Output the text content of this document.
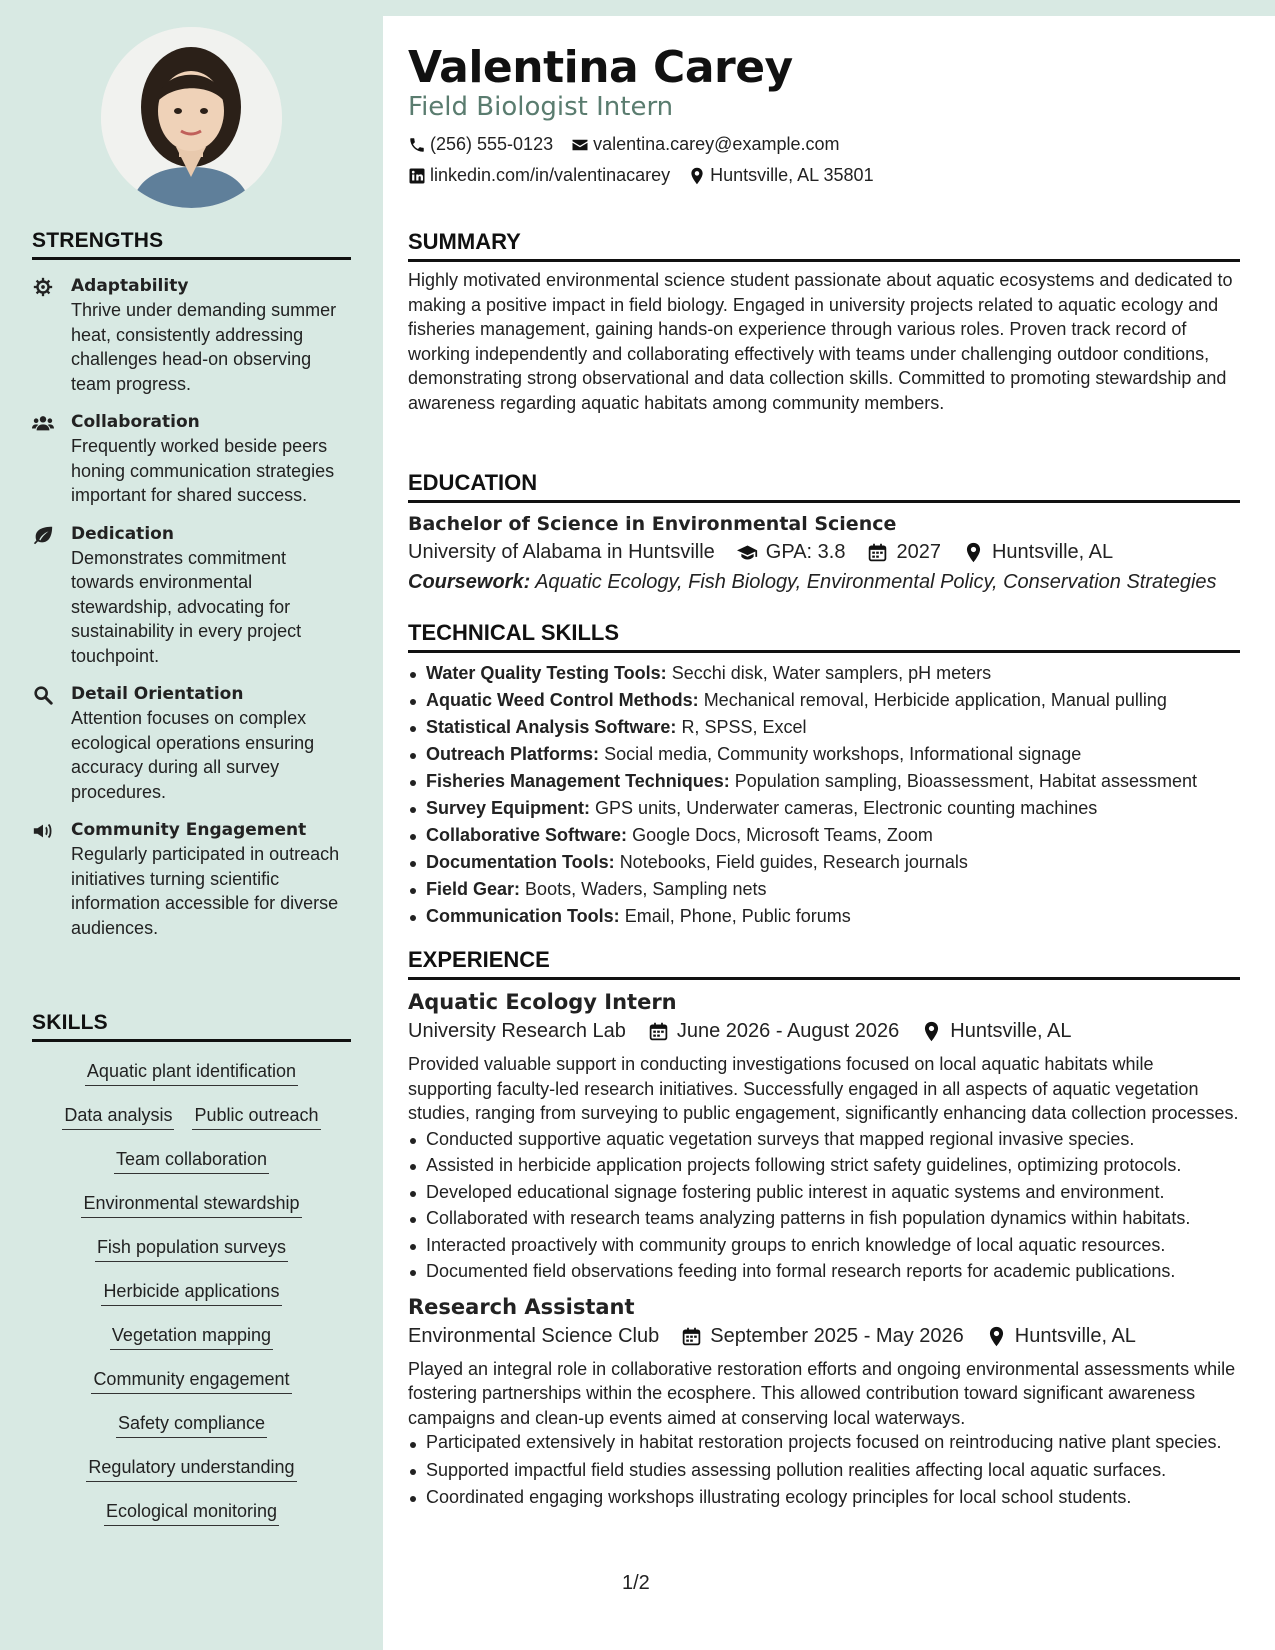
STRENGTHS
Adaptability
Thrive under demanding summer heat, consistently addressing challenges head-on observing team progress.
Collaboration
Frequently worked beside peers honing communication strategies important for shared success.
Dedication
Demonstrates commitment towards environmental stewardship, advocating for sustainability in every project touchpoint.
Detail Orientation
Attention focuses on complex ecological operations ensuring accuracy during all survey procedures.
Community Engagement
Regularly participated in outreach initiatives turning scientific information accessible for diverse audiences.
SKILLS
Aquatic plant identification
Data analysis Public outreach
Team collaboration
Environmental stewardship
Fish population surveys
Herbicide applications
Vegetation mapping
Community engagement
Safety compliance
Regulatory understanding
Ecological monitoring
Valentina Carey
Field Biologist Intern
(256) 555-0123 valentina.carey@example.com
linkedin.com/in/valentinacarey Huntsville, AL 35801
SUMMARY
Highly motivated environmental science student passionate about aquatic ecosystems and dedicated to making a positive impact in field biology. Engaged in university projects related to aquatic ecology and fisheries management, gaining hands-on experience through various roles. Proven track record of working independently and collaborating effectively with teams under challenging outdoor conditions, demonstrating strong observational and data collection skills. Committed to promoting stewardship and awareness regarding aquatic habitats among community members.
EDUCATION
Bachelor of Science in Environmental Science
University of Alabama in Huntsville	GPA: 3.8	2027	Huntsville, AL
Coursework: Aquatic Ecology, Fish Biology, Environmental Policy, Conservation Strategies
TECHNICAL SKILLS
Water Quality Testing Tools: Secchi disk, Water samplers, pH meters
Aquatic Weed Control Methods: Mechanical removal, Herbicide application, Manual pulling
Statistical Analysis Software: R, SPSS, Excel
Outreach Platforms: Social media, Community workshops, Informational signage
Fisheries Management Techniques: Population sampling, Bioassessment, Habitat assessment
Survey Equipment: GPS units, Underwater cameras, Electronic counting machines
Collaborative Software: Google Docs, Microsoft Teams, Zoom
Documentation Tools: Notebooks, Field guides, Research journals
Field Gear: Boots, Waders, Sampling nets
Communication Tools: Email, Phone, Public forums
EXPERIENCE
Aquatic Ecology Intern
University Research Lab	June 2026 - August 2026	Huntsville, AL
Provided valuable support in conducting investigations focused on local aquatic habitats while supporting faculty-led research initiatives. Successfully engaged in all aspects of aquatic vegetation studies, ranging from surveying to public engagement, significantly enhancing data collection processes.
Conducted supportive aquatic vegetation surveys that mapped regional invasive species.
Assisted in herbicide application projects following strict safety guidelines, optimizing protocols.
Developed educational signage fostering public interest in aquatic systems and environment.
Collaborated with research teams analyzing patterns in fish population dynamics within habitats.
Interacted proactively with community groups to enrich knowledge of local aquatic resources.
Documented field observations feeding into formal research reports for academic publications.
Research Assistant
Environmental Science Club	September 2025 - May 2026	Huntsville, AL
Played an integral role in collaborative restoration efforts and ongoing environmental assessments while fostering partnerships within the ecosphere. This allowed contribution toward significant awareness campaigns and clean-up events aimed at conserving local waterways.
Participated extensively in habitat restoration projects focused on reintroducing native plant species.
Supported impactful field studies assessing pollution realities affecting local aquatic surfaces.
Coordinated engaging workshops illustrating ecology principles for local school students.
1/2
